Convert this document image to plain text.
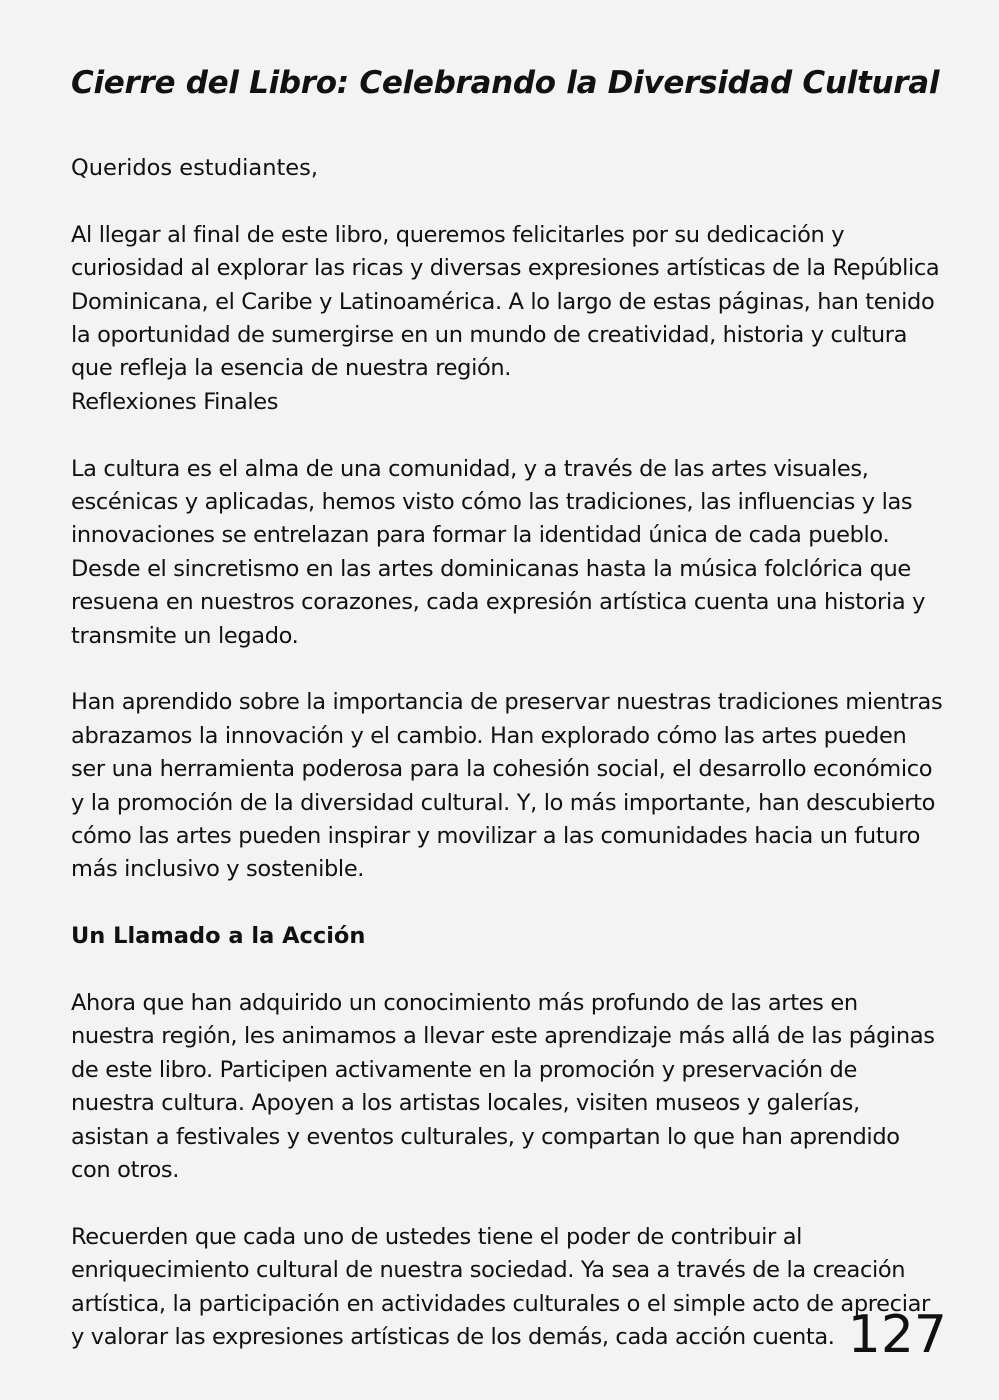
Cierre del Libro: Celebrando la Diversidad Cultural

Queridos estudiantes,

Al llegar al final de este libro, queremos felicitarles por su dedicación y curiosidad al explorar las ricas y diversas expresiones artísticas de la República Dominicana, el Caribe y Latinoamérica. A lo largo de estas páginas, han tenido la oportunidad de sumergirse en un mundo de creatividad, historia y cultura que refleja la esencia de nuestra región.

Reflexiones Finales

La cultura es el alma de una comunidad, y a través de las artes visuales, escénicas y aplicadas, hemos visto cómo las tradiciones, las influencias y las innovaciones se entrelazan para formar la identidad única de cada pueblo. Desde el sincretismo en las artes dominicanas hasta la música folclórica que resuena en nuestros corazones, cada expresión artística cuenta una historia y transmite un legado.

Han aprendido sobre la importancia de preservar nuestras tradiciones mientras abrazamos la innovación y el cambio. Han explorado cómo las artes pueden ser una herramienta poderosa para la cohesión social, el desarrollo económico y la promoción de la diversidad cultural. Y, lo más importante, han descubierto cómo las artes pueden inspirar y movilizar a las comunidades hacia un futuro más inclusivo y sostenible.

Un Llamado a la Acción

Ahora que han adquirido un conocimiento más profundo de las artes en nuestra región, les animamos a llevar este aprendizaje más allá de las páginas de este libro. Participen activamente en la promoción y preservación de nuestra cultura. Apoyen a los artistas locales, visiten museos y galerías, asistan a festivales y eventos culturales, y compartan lo que han aprendido con otros.

Recuerden que cada uno de ustedes tiene el poder de contribuir al enriquecimiento cultural de nuestra sociedad. Ya sea a través de la creación artística, la participación en actividades culturales o el simple acto de apreciar y valorar las expresiones artísticas de los demás, cada acción cuenta. 127
